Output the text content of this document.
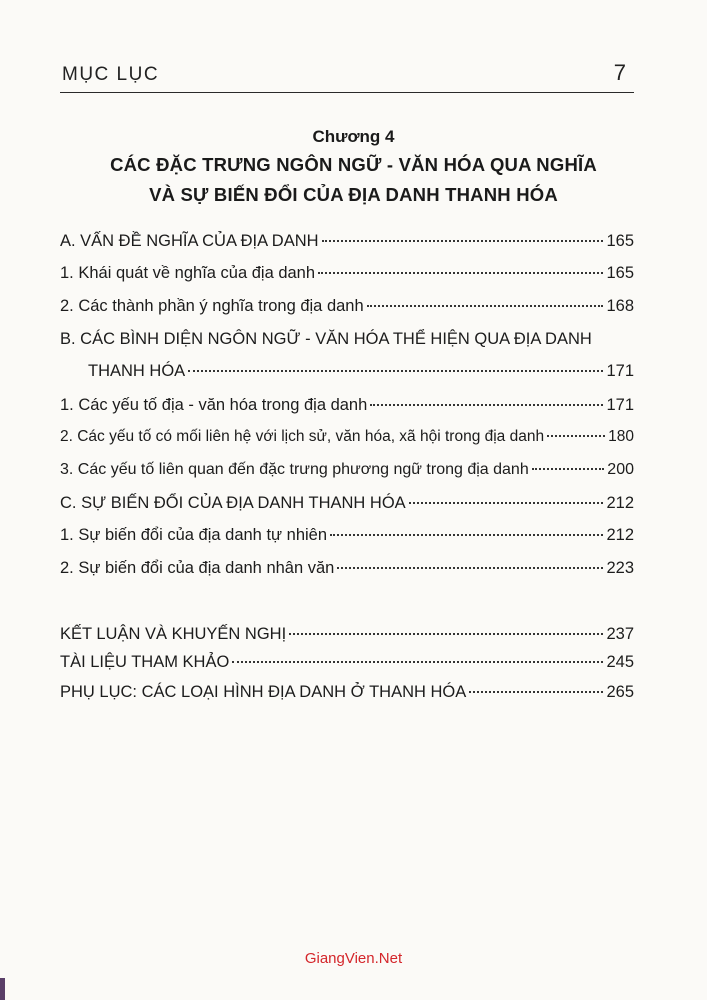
MỤC LỤC	7
Chương 4
CÁC ĐẶC TRƯNG NGÔN NGỮ - VĂN HÓA QUA NGHĨA
VÀ SỰ BIẾN ĐỔI CỦA ĐỊA DANH THANH HÓA
A. VẤN ĐỀ NGHĨA CỦA ĐỊA DANH	165
1. Khái quát về nghĩa của địa danh	165
2. Các thành phần ý nghĩa trong địa danh	168
B. CÁC BÌNH DIỆN NGÔN NGỮ - VĂN HÓA THỂ HIỆN QUA ĐỊA DANH
THANH HÓA	171
1. Các yếu tố địa - văn hóa trong địa danh	171
2. Các yếu tố có mối liên hệ với lịch sử, văn hóa, xã hội trong địa danh	180
3. Các yếu tố liên quan đến đặc trưng phương ngữ trong địa danh	200
C. SỰ BIẾN ĐỔI CỦA ĐỊA DANH THANH HÓA	212
1. Sự biến đổi của địa danh tự nhiên	212
2. Sự biến đổi của địa danh nhân văn	223
KẾT LUẬN VÀ KHUYẾN NGHỊ	237
TÀI LIỆU THAM KHẢO	245
PHỤ LỤC: CÁC LOẠI HÌNH ĐỊA DANH Ở THANH HÓA	265
GiangVien.Net
